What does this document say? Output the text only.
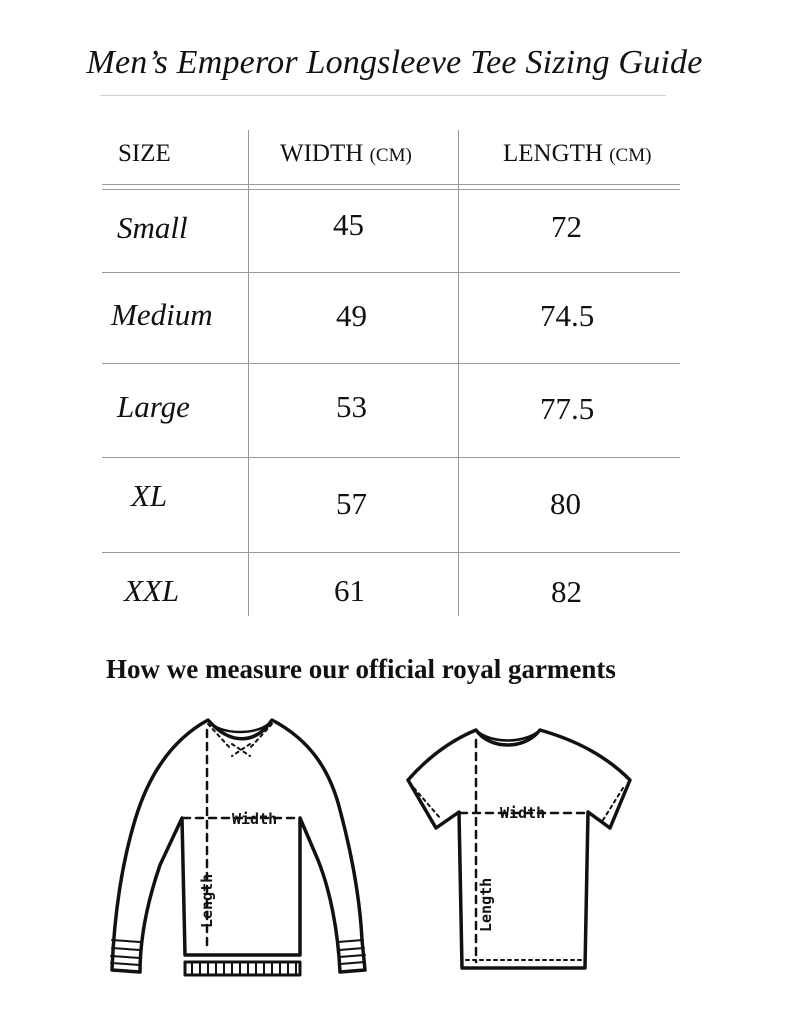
Men’s Emperor Longsleeve Tee Sizing Guide
SIZE	WIDTH (CM)	LENGTH (CM)
Small	45	72
Medium	49	74.5
Large	53	77.5
XL	57	80
XXL	61	82
How we measure our official royal garments
Width
Length
Width
Length
